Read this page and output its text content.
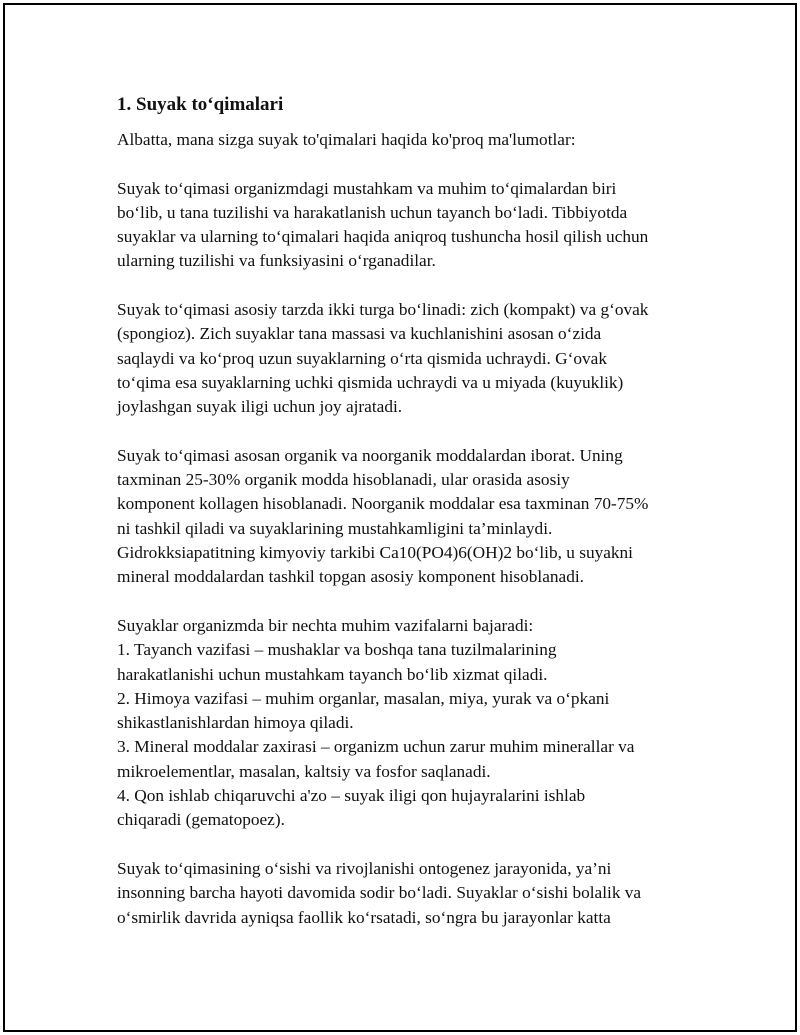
1. Suyak to‘qimalari
Albatta, mana sizga suyak to'qimalari haqida ko'proq ma'lumotlar:
Suyak to‘qimasi organizmdagi mustahkam va muhim to‘qimalardan biri
bo‘lib, u tana tuzilishi va harakatlanish uchun tayanch bo‘ladi. Tibbiyotda
suyaklar va ularning to‘qimalari haqida aniqroq tushuncha hosil qilish uchun
ularning tuzilishi va funksiyasini o‘rganadilar.
Suyak to‘qimasi asosiy tarzda ikki turga bo‘linadi: zich (kompakt) va g‘ovak
(spongioz). Zich suyaklar tana massasi va kuchlanishini asosan o‘zida
saqlaydi va ko‘proq uzun suyaklarning o‘rta qismida uchraydi. G‘ovak
to‘qima esa suyaklarning uchki qismida uchraydi va u miyada (kuyuklik)
joylashgan suyak iligi uchun joy ajratadi.
Suyak to‘qimasi asosan organik va noorganik moddalardan iborat. Uning
taxminan 25-30% organik modda hisoblanadi, ular orasida asosiy
komponent kollagen hisoblanadi. Noorganik moddalar esa taxminan 70-75%
ni tashkil qiladi va suyaklarining mustahkamligini ta’minlaydi.
Gidrokksiapatitning kimyoviy tarkibi Ca10(PO4)6(OH)2 bo‘lib, u suyakni
mineral moddalardan tashkil topgan asosiy komponent hisoblanadi.
Suyaklar organizmda bir nechta muhim vazifalarni bajaradi:
1. Tayanch vazifasi – mushaklar va boshqa tana tuzilmalarining
harakatlanishi uchun mustahkam tayanch bo‘lib xizmat qiladi.
2. Himoya vazifasi – muhim organlar, masalan, miya, yurak va o‘pkani
shikastlanishlardan himoya qiladi.
3. Mineral moddalar zaxirasi – organizm uchun zarur muhim minerallar va
mikroelementlar, masalan, kaltsiy va fosfor saqlanadi.
4. Qon ishlab chiqaruvchi a'zo – suyak iligi qon hujayralarini ishlab
chiqaradi (gematopoez).
Suyak to‘qimasining o‘sishi va rivojlanishi ontogenez jarayonida, ya’ni
insonning barcha hayoti davomida sodir bo‘ladi. Suyaklar o‘sishi bolalik va
o‘smirlik davrida ayniqsa faollik ko‘rsatadi, so‘ngra bu jarayonlar katta
